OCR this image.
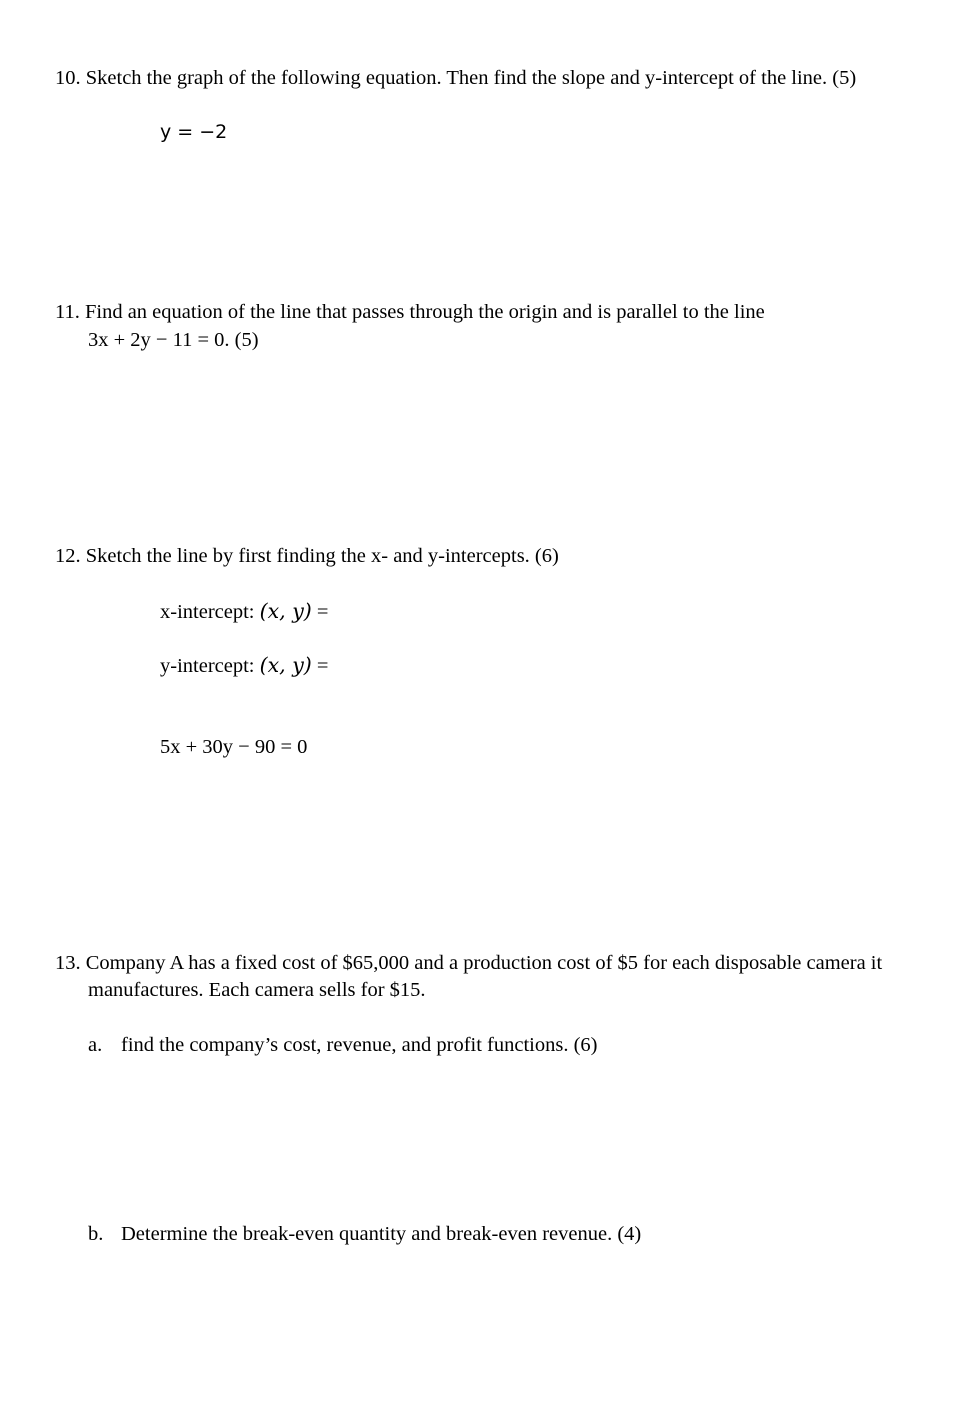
10. Sketch the graph of the following equation. Then find the slope and y-intercept of the line. (5)
y = −2
11. Find an equation of the line that passes through the origin and is parallel to the line
3x + 2y − 11 = 0. (5)
12. Sketch the line by first finding the x- and y-intercepts. (6)
x-intercept: (x, y) =
y-intercept: (x, y) =
5x + 30y − 90 = 0
13. Company A has a fixed cost of $65,000 and a production cost of $5 for each disposable camera it
manufactures. Each camera sells for $15.
a. find the company’s cost, revenue, and profit functions. (6)
b. Determine the break-even quantity and break-even revenue. (4)
